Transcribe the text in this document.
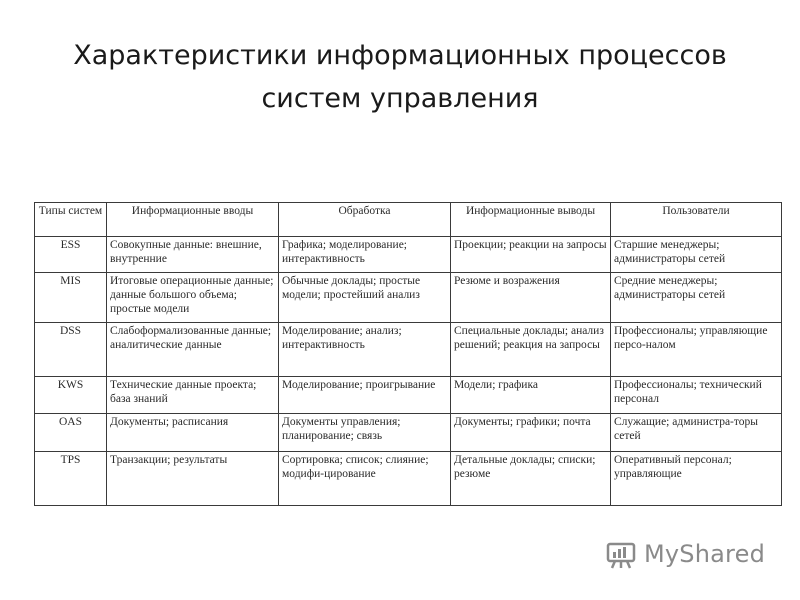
Характеристики информационных процессов
систем управления
Типы систем	Информационные вводы	Обработка	Информационные выводы	Пользователи
ESS	Совокупные данные: внешние, внутренние	Графика; моделирование; интерактивность	Проекции; реакции на запросы	Старшие менеджеры; администраторы сетей
MIS	Итоговые операционные данные; данные большого объема; простые модели	Обычные доклады; простые модели; простейший анализ	Резюме и возражения	Средние менеджеры; администраторы сетей
DSS	Слабоформализованные данные; аналитические данные	Моделирование; анализ; интерактивность	Специальные доклады; анализ решений; реакция на запросы	Профессионалы; управляющие персо-налом
KWS	Технические данные проекта; база знаний	Моделирование; проигрывание	Модели; графика	Профессионалы; технический персонал
OAS	Документы; расписания	Документы управления; планирование; связь	Документы; графики; почта	Служащие; администра-торы сетей
TPS	Транзакции; результаты	Сортировка; список; слияние; модифи-цирование	Детальные доклады; списки; резюме	Оперативный персонал; управляющие
MyShared
